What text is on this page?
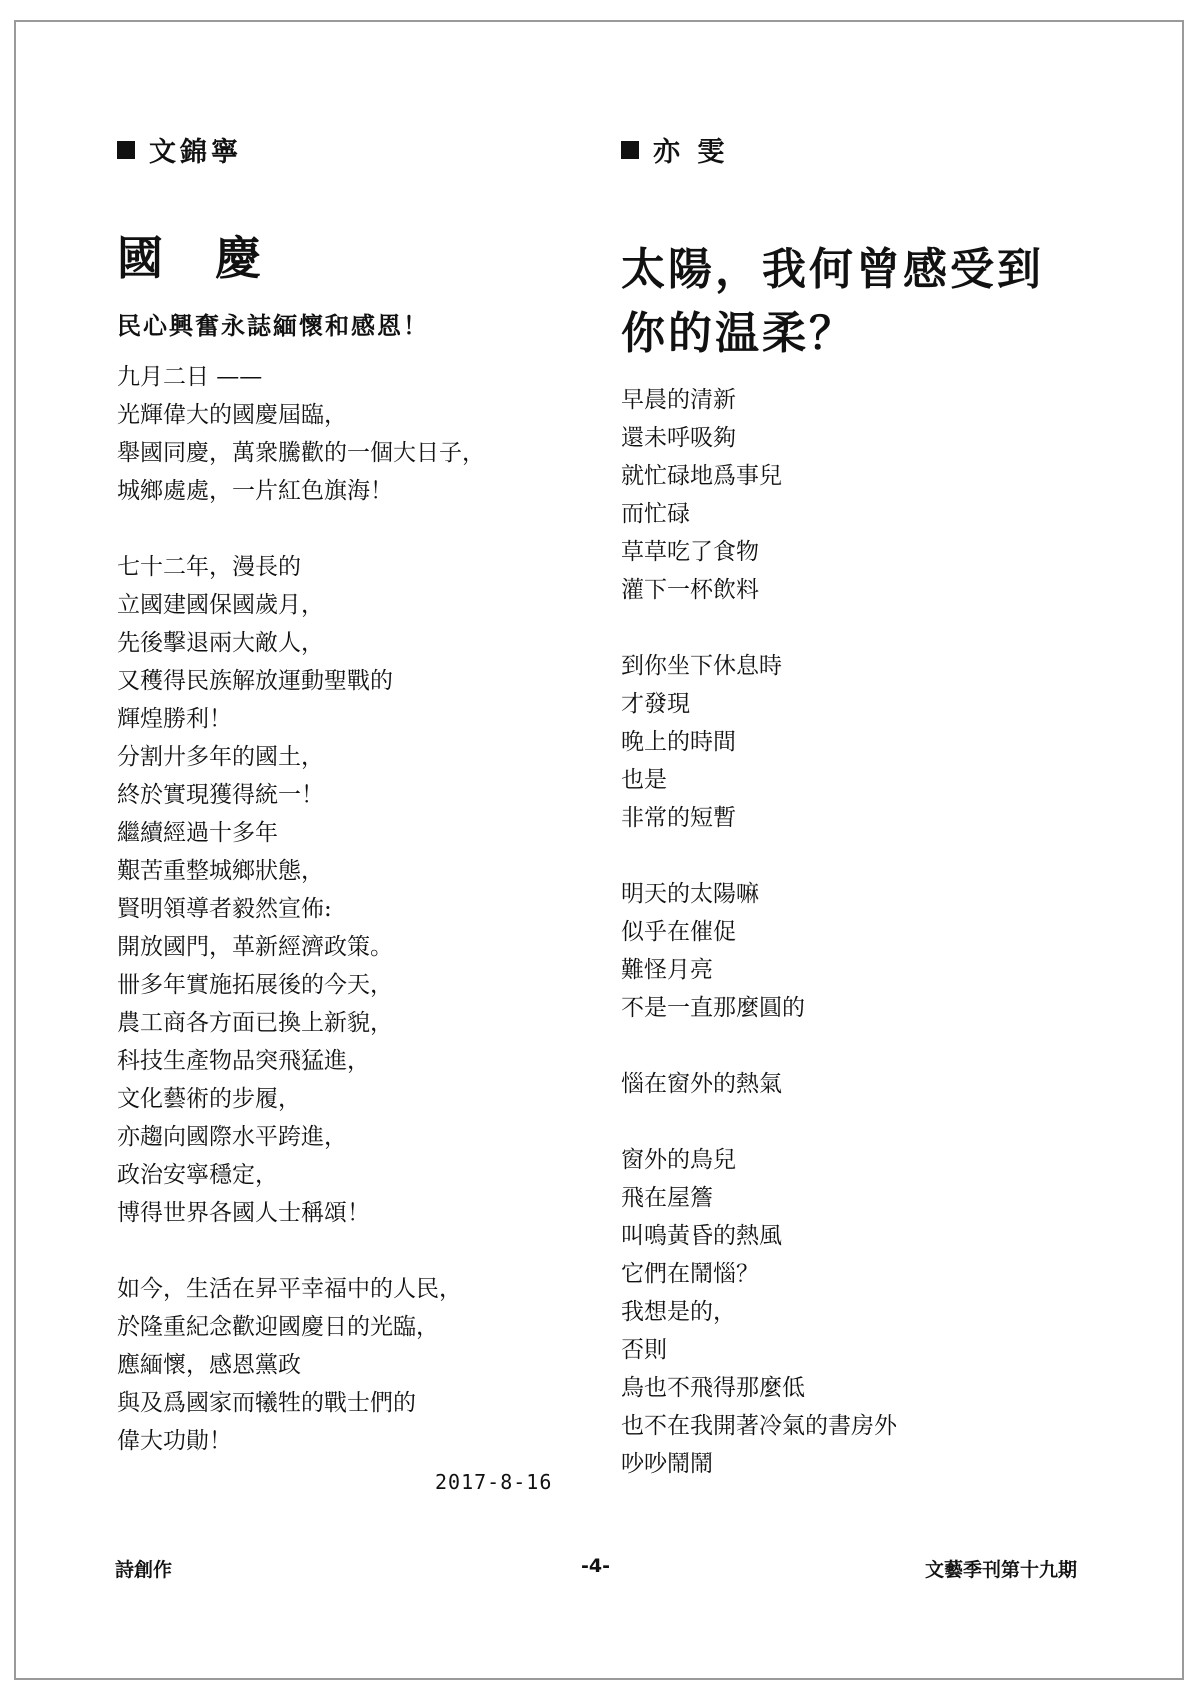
文錦寧
國 慶

民心興奮永誌緬懷和感恩！

九月二日 ——
光輝偉大的國慶屆臨，
舉國同慶，萬衆騰歡的一個大日子，
城鄉處處，一片紅色旗海！
七十二年，漫長的
立國建國保國歲月，
先後擊退兩大敵人，
又穫得民族解放運動聖戰的
輝煌勝利！
分割廾多年的國土，
終於實現獲得統一！
繼續經過十多年
艱苦重整城鄉狀態，
賢明領導者毅然宣佈:
開放國門，革新經濟政策。
卌多年實施拓展後的今天，
農工商各方面已換上新貌，
科技生產物品突飛猛進，
文化藝術的步履，
亦趨向國際水平跨進，
政治安寧穩定，
博得世界各國人士稱頌！
如今，生活在昇平幸福中的人民，
於隆重紀念歡迎國慶日的光臨，
應緬懷，感恩黨政
與及爲國家而犧牲的戰士們的
偉大功勛！
2017-8-16
亦 雯
太陽，我何曾感受到
你的温柔？
早晨的清新
還未呼吸夠
就忙碌地爲事兒
而忙碌
草草吃了食物
灌下一杯飲料
到你坐下休息時
才發現
晚上的時間
也是
非常的短暫
明天的太陽嘛
似乎在催促
難怪月亮
不是一直那麼圓的
惱在窗外的熱氣
窗外的鳥兒
飛在屋簷
叫鳴黃昏的熱風
它們在鬧惱？
我想是的，
否則
鳥也不飛得那麼低
也不在我開著冷氣的書房外
吵吵鬧鬧
詩創作	-4-	文藝季刊第十九期
